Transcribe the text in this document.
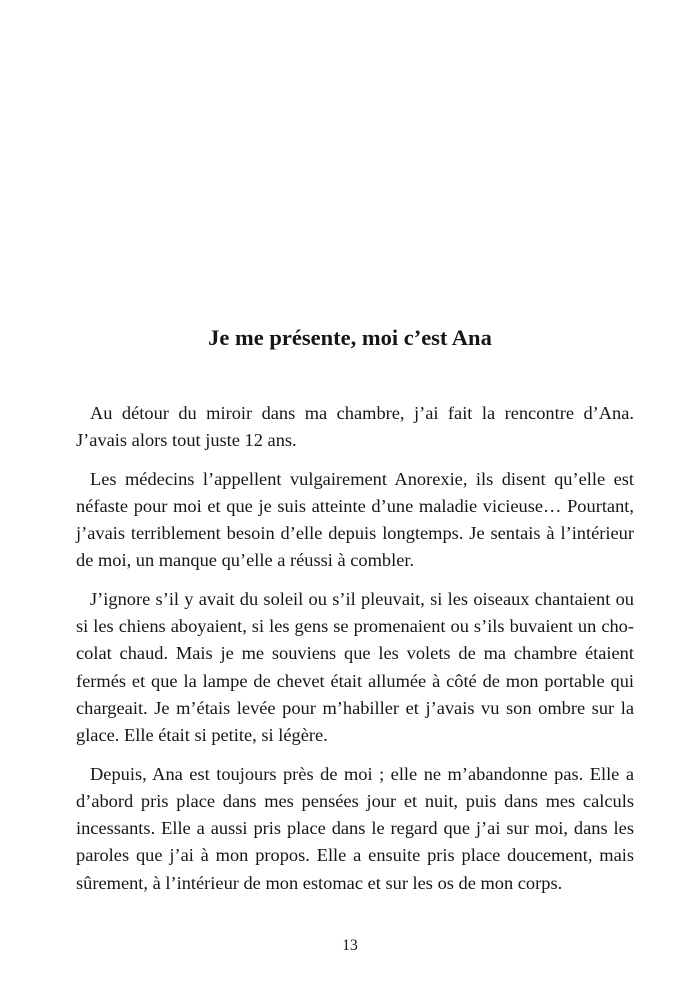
Je me présente, moi c’est Ana

Au détour du miroir dans ma chambre, j’ai fait la rencontre d’Ana. J’avais alors tout juste 12 ans.

Les médecins l’appellent vulgairement Anorexie, ils disent qu’elle est néfaste pour moi et que je suis atteinte d’une maladie vicieuse… Pourtant, j’avais terriblement besoin d’elle depuis longtemps. Je sentais à l’intérieur de moi, un manque qu’elle a réussi à combler.

J’ignore s’il y avait du soleil ou s’il pleuvait, si les oiseaux chantaient ou si les chiens aboyaient, si les gens se promenaient ou s’ils buvaient un chocolat chaud. Mais je me souviens que les volets de ma chambre étaient fermés et que la lampe de chevet était allumée à côté de mon portable qui chargeait. Je m’étais levée pour m’habiller et j’avais vu son ombre sur la glace. Elle était si petite, si légère.

Depuis, Ana est toujours près de moi ; elle ne m’abandonne pas. Elle a d’abord pris place dans mes pensées jour et nuit, puis dans mes calculs incessants. Elle a aussi pris place dans le regard que j’ai sur moi, dans les paroles que j’ai à mon propos. Elle a ensuite pris place doucement, mais sûrement, à l’intérieur de mon estomac et sur les os de mon corps.

13
